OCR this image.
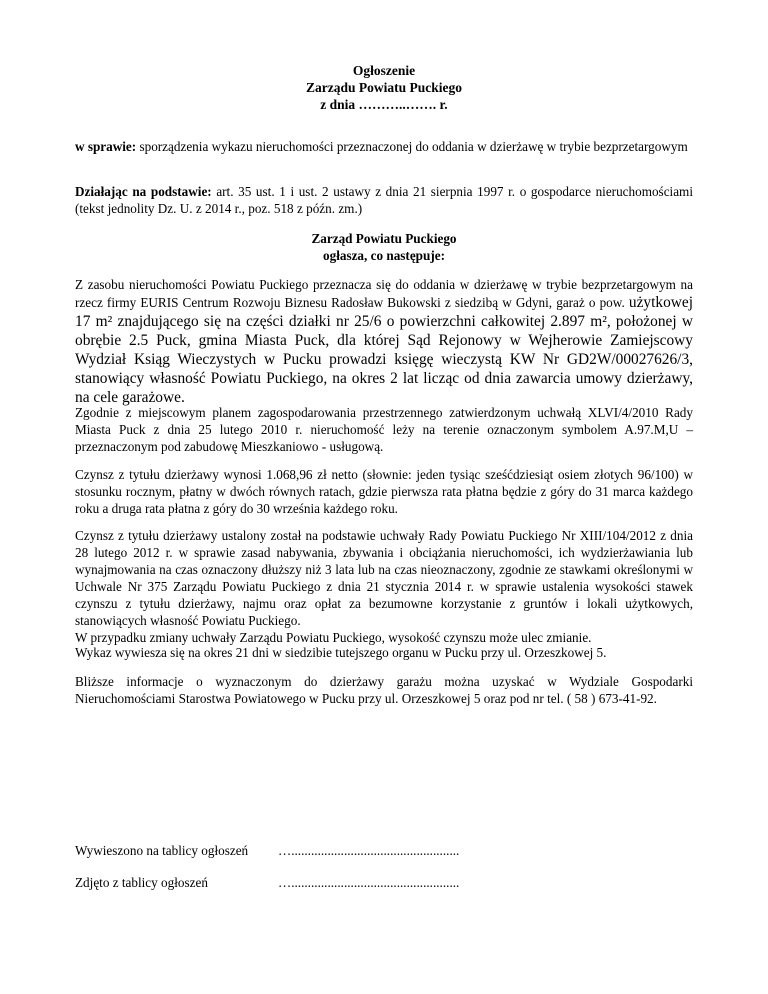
Ogłoszenie
Zarządu Powiatu Puckiego
z dnia ………..……. r.
w sprawie: sporządzenia wykazu nieruchomości przeznaczonej do oddania w dzierżawę w trybie bezprzetargowym
Działając na podstawie: art. 35 ust. 1 i ust. 2 ustawy z dnia 21 sierpnia 1997 r. o gospodarce nieruchomościami (tekst jednolity Dz. U. z 2014 r., poz. 518 z późn. zm.)
Zarząd Powiatu Puckiego
ogłasza, co następuje:
Z zasobu nieruchomości Powiatu Puckiego przeznacza się do oddania w dzierżawę w trybie bezprzetargowym na rzecz firmy EURIS Centrum Rozwoju Biznesu Radosław Bukowski z siedzibą w Gdyni, garaż o pow. użytkowej 17 m² znajdującego się na części działki nr 25/6 o powierzchni całkowitej 2.897 m², położonej w obrębie 2.5 Puck, gmina Miasta Puck, dla której Sąd Rejonowy w Wejherowie Zamiejscowy Wydział Ksiąg Wieczystych w Pucku prowadzi księgę wieczystą KW Nr GD2W/00027626/3, stanowiący własność Powiatu Puckiego, na okres 2 lat licząc od dnia zawarcia umowy dzierżawy, na cele garażowe.
Zgodnie z miejscowym planem zagospodarowania przestrzennego zatwierdzonym uchwałą XLVI/4/2010 Rady Miasta Puck z dnia 25 lutego 2010 r. nieruchomość leży na terenie oznaczonym symbolem A.97.M,U – przeznaczonym pod zabudowę Mieszkaniowo - usługową.
Czynsz z tytułu dzierżawy wynosi 1.068,96 zł netto (słownie: jeden tysiąc sześćdziesiąt osiem złotych 96/100) w stosunku rocznym, płatny w dwóch równych ratach, gdzie pierwsza rata płatna będzie z góry do 31 marca każdego roku a druga rata płatna z góry do 30 września każdego roku.
Czynsz z tytułu dzierżawy ustalony został na podstawie uchwały Rady Powiatu Puckiego Nr XIII/104/2012 z dnia 28 lutego 2012 r. w sprawie zasad nabywania, zbywania i obciążania nieruchomości, ich wydzierżawiania lub wynajmowania na czas oznaczony dłuższy niż 3 lata lub na czas nieoznaczony, zgodnie ze stawkami określonymi w Uchwale Nr 375 Zarządu Powiatu Puckiego z dnia 21 stycznia 2014 r. w sprawie ustalenia wysokości stawek czynszu z tytułu dzierżawy, najmu oraz opłat za bezumowne korzystanie z gruntów i lokali użytkowych, stanowiących własność Powiatu Puckiego.
W przypadku zmiany uchwały Zarządu Powiatu Puckiego, wysokość czynszu może ulec zmianie.
Wykaz wywiesza się na okres 21 dni w siedzibie tutejszego organu w Pucku przy ul. Orzeszkowej 5.
Bliższe informacje o wyznaczonym do dzierżawy garażu można uzyskać w Wydziale Gospodarki Nieruchomościami Starostwa Powiatowego w Pucku przy ul. Orzeszkowej 5 oraz pod nr tel. ( 58 ) 673-41-92.
Wywieszono na tablicy ogłoszeń …...................................................
Zdjęto z tablicy ogłoszeń	…...................................................
